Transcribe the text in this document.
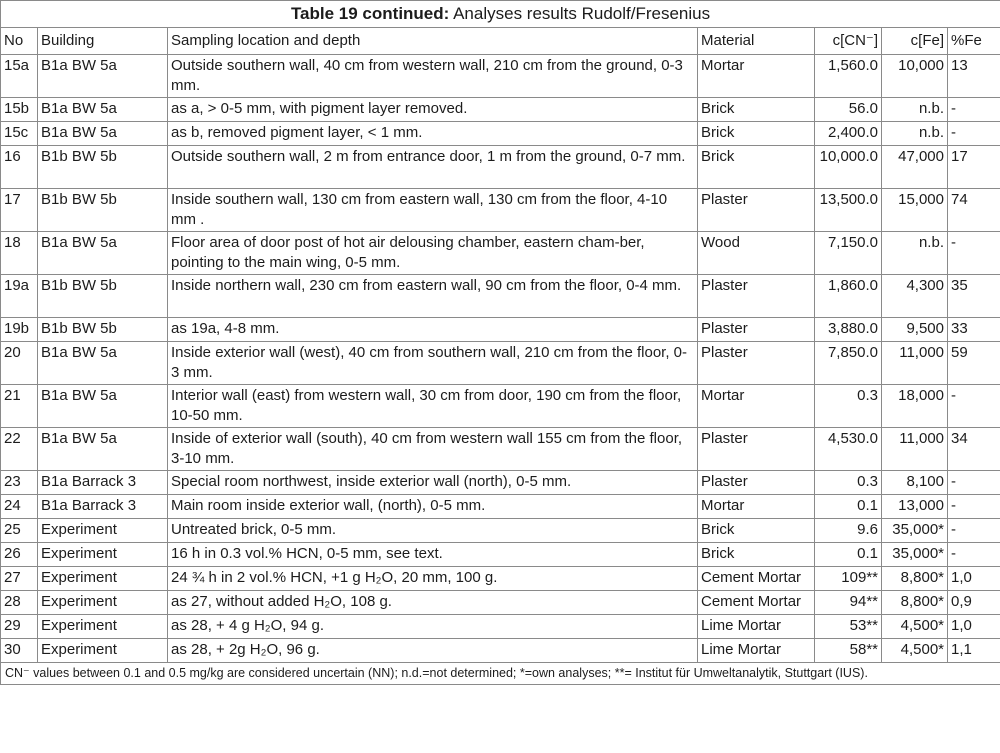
Table 19 continued: Analyses results Rudolf/Fresenius						
No	Building	Sampling location and depth	Material	c[CN⁻]	c[Fe]	%Fe
15a	B1a BW 5a	Outside southern wall, 40 cm from western wall, 210 cm from the ground, 0-3 mm.	Mortar	1,560.0	10,000	13
15b	B1a BW 5a	as a, > 0-5 mm, with pigment layer removed.	Brick	56.0	n.b.	-
15c	B1a BW 5a	as b, removed pigment layer, < 1 mm.	Brick	2,400.0	n.b.	-
16	B1b BW 5b	Outside southern wall, 2 m from entrance door, 1 m from the ground, 0-7 mm.	Brick	10,000.0	47,000	17
17	B1b BW 5b	Inside southern wall, 130 cm from eastern wall, 130 cm from the floor, 4-10 mm .	Plaster	13,500.0	15,000	74
18	B1a BW 5a	Floor area of door post of hot air delousing chamber, eastern cham-ber, pointing to the main wing, 0-5 mm.	Wood	7,150.0	n.b.	-
19a	B1b BW 5b	Inside northern wall, 230 cm from eastern wall, 90 cm from the floor, 0-4 mm.	Plaster	1,860.0	4,300	35
19b	B1b BW 5b	as 19a, 4-8 mm.	Plaster	3,880.0	9,500	33
20	B1a BW 5a	Inside exterior wall (west), 40 cm from southern wall, 210 cm from the floor, 0-3 mm.	Plaster	7,850.0	11,000	59
21	B1a BW 5a	Interior wall (east) from western wall, 30 cm from door, 190 cm from the floor, 10-50 mm.	Mortar	0.3	18,000	-
22	B1a BW 5a	Inside of exterior wall (south), 40 cm from western wall 155 cm from the floor, 3-10 mm.	Plaster	4,530.0	11,000	34
23	B1a Barrack 3	Special room northwest, inside exterior wall (north), 0-5 mm.	Plaster	0.3	8,100	-
24	B1a Barrack 3	Main room inside exterior wall, (north), 0-5 mm.	Mortar	0.1	13,000	-
25	Experiment	Untreated brick, 0-5 mm.	Brick	9.6	35,000*	-
26	Experiment	16 h in 0.3 vol.% HCN, 0-5 mm, see text.	Brick	0.1	35,000*	-
27	Experiment	24 ¾ h in 2 vol.% HCN, +1 g H₂O, 20 mm, 100 g.	Cement Mortar	109**	8,800*	1,0
28	Experiment	as 27, without added H₂O, 108 g.	Cement Mortar	94**	8,800*	0,9
29	Experiment	as 28, + 4 g H₂O, 94 g.	Lime Mortar	53**	4,500*	1,0
30	Experiment	as 28, + 2g H₂O, 96 g.	Lime Mortar	58**	4,500*	1,1
CN⁻ values between 0.1 and 0.5 mg/kg are considered uncertain (NN); n.d.=not determined; *=own analyses; **= Institut für Umweltanalytik, Stuttgart (IUS).						
